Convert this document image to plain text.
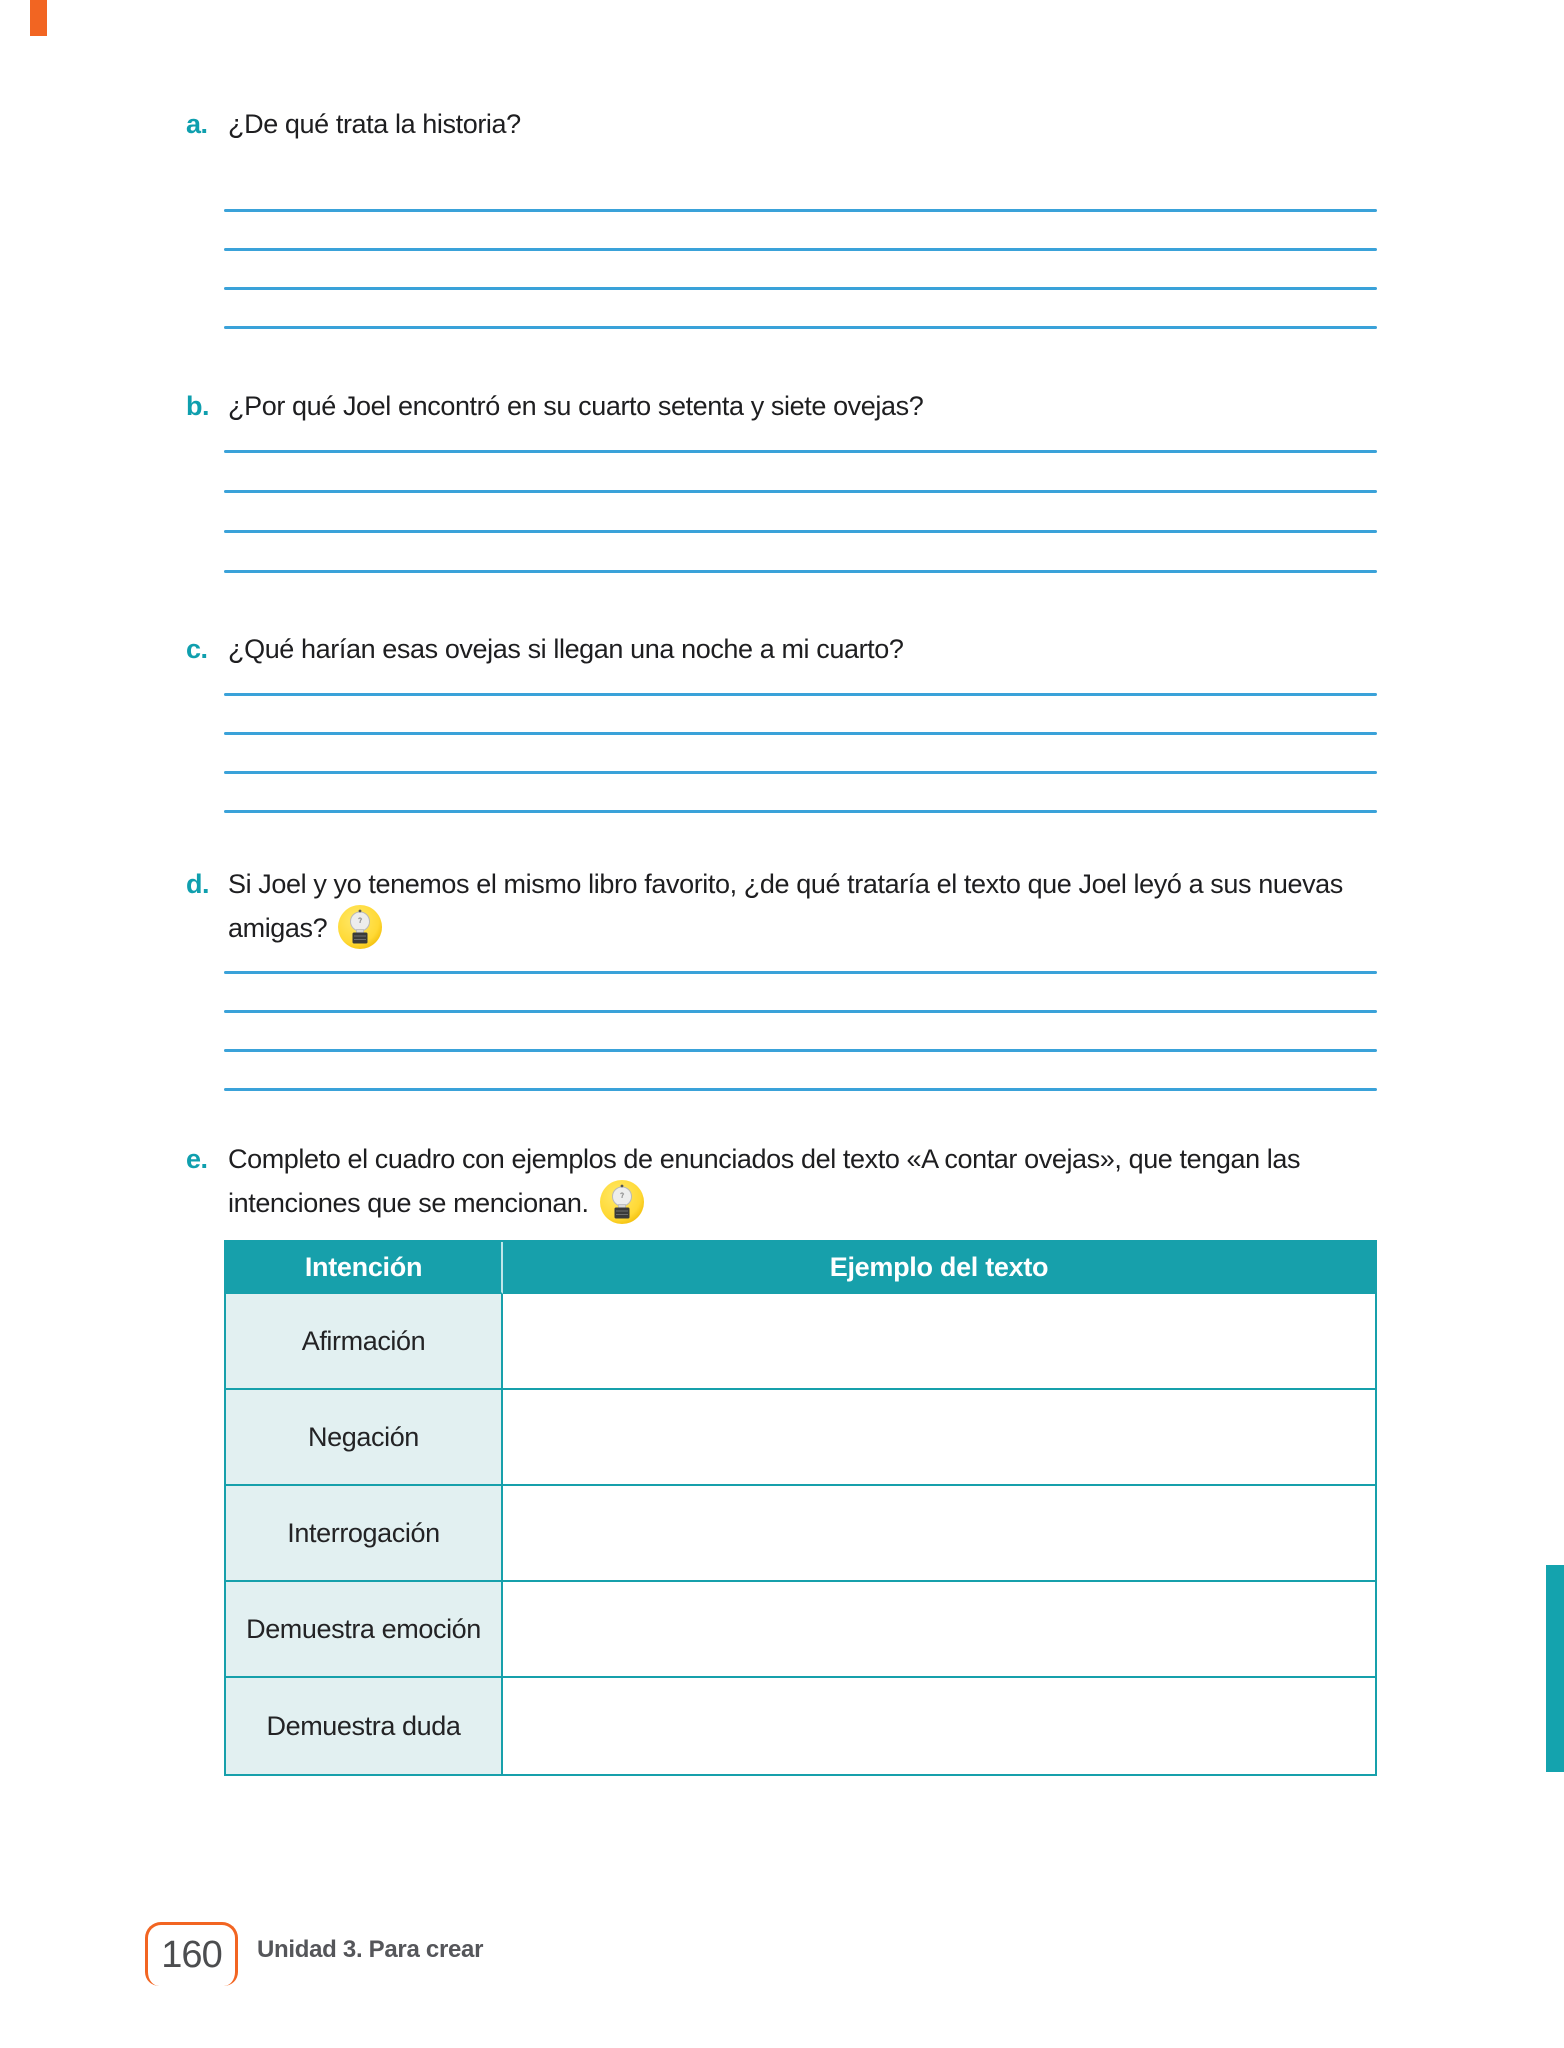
a. ¿De qué trata la historia?
b. ¿Por qué Joel encontró en su cuarto setenta y siete ovejas?
c. ¿Qué harían esas ovejas si llegan una noche a mi cuarto?
d. Si Joel y yo tenemos el mismo libro favorito, ¿de qué trataría el texto que Joel leyó a sus nuevas
amigas?
e. Completo el cuadro con ejemplos de enunciados del texto «A contar ovejas», que tengan las
intenciones que se mencionan.
Intención	Ejemplo del texto
Afirmación
Negación
Interrogación
Demuestra emoción
Demuestra duda
160 Unidad 3. Para crear
